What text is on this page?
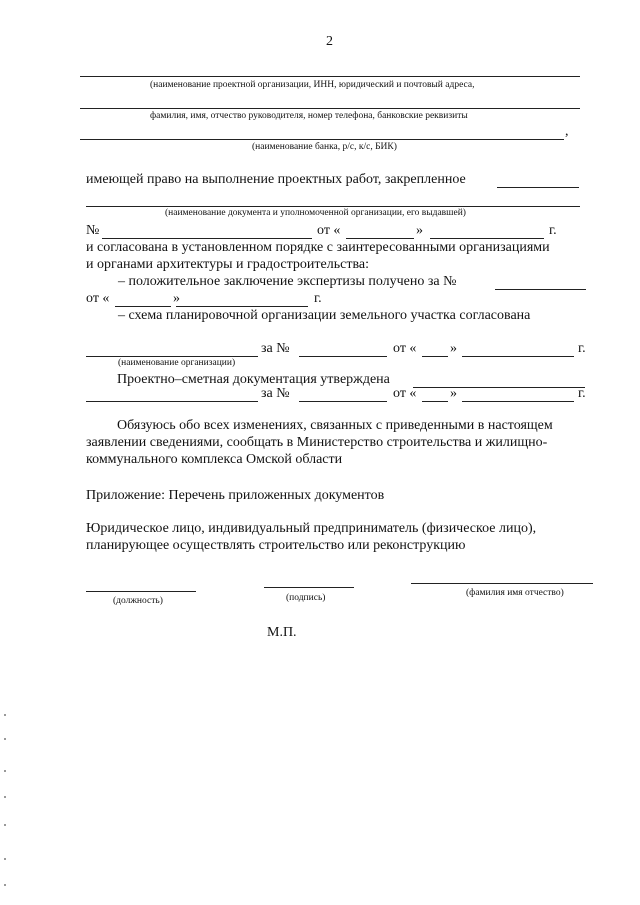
2
(наименование проектной организации, ИНН, юридический и почтовый адреса,
фамилия, имя, отчество руководителя, номер телефона, банковские реквизиты
,
(наименование банка, р/с, к/с, БИК)
имеющей право на выполнение проектных работ, закрепленное
(наименование документа и уполномоченной организации, его выдавшей)
№	от «	»	г.
и согласована в установленном порядке с заинтересованными организациями
и органами архитектуры и градостроительства:
– положительное заключение экспертизы получено за №
от «	»	г.
– схема планировочной организации земельного участка согласована
за №	от « »	г.
(наименование организации)
Проектно–сметная документация утверждена
за №	от « »	г.
Обязуюсь обо всех изменениях, связанных с приведенными в настоящем
заявлении сведениями, сообщать в Министерство строительства и жилищно-
коммунального комплекса Омской области
Приложение: Перечень приложенных документов
Юридическое лицо, индивидуальный предприниматель (физическое лицо),
планирующее осуществлять строительство или реконструкцию
(должность)	(подпись)	(фамилия имя отчество)
М.П.
